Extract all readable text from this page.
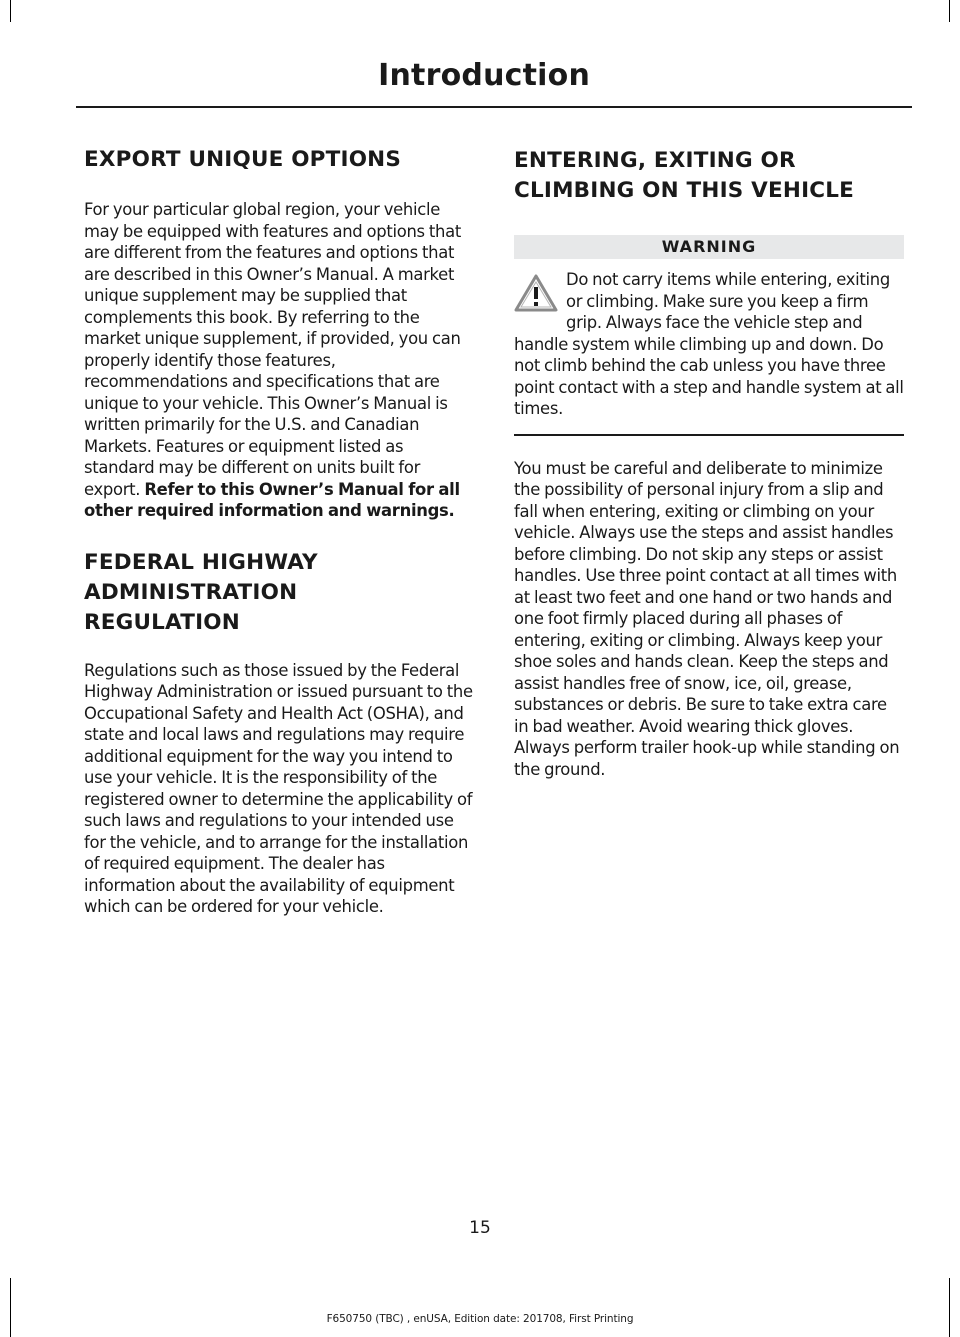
Introduction
EXPORT UNIQUE OPTIONS

For your particular global region, your vehicle may be equipped with features and options that are different from the features and options that are described in this Owner’s Manual. A market unique supplement may be supplied that complements this book. By referring to the market unique supplement, if provided, you can properly identify those features, recommendations and specifications that are unique to your vehicle. This Owner’s Manual is written primarily for the U.S. and Canadian Markets. Features or equipment listed as standard may be different on units built for export. Refer to this Owner’s Manual for all other required information and warnings.

FEDERAL HIGHWAY
ADMINISTRATION
REGULATION

Regulations such as those issued by the Federal Highway Administration or issued pursuant to the Occupational Safety and Health Act (OSHA), and state and local laws and regulations may require additional equipment for the way you intend to use your vehicle. It is the responsibility of the registered owner to determine the applicability of such laws and regulations to your intended use for the vehicle, and to arrange for the installation of required equipment. The dealer has information about the availability of equipment which can be ordered for your vehicle.

ENTERING, EXITING OR
CLIMBING ON THIS VEHICLE
WARNING

Do not carry items while entering, exiting or climbing. Make sure you keep a firm grip. Always face the vehicle step and handle system while climbing up and down. Do not climb behind the cab unless you have three point contact with a step and handle system at all times.

You must be careful and deliberate to minimize the possibility of personal injury from a slip and fall when entering, exiting or climbing on your vehicle. Always use the steps and assist handles before climbing. Do not skip any steps or assist handles. Use three point contact at all times with at least two feet and one hand or two hands and one foot firmly placed during all phases of entering, exiting or climbing. Always keep your shoe soles and hands clean. Keep the steps and assist handles free of snow, ice, oil, grease, substances or debris. Be sure to take extra care in bad weather. Avoid wearing thick gloves. Always perform trailer hook-up while standing on the ground.

15
F650750 (TBC) , enUSA, Edition date: 201708, First Printing
